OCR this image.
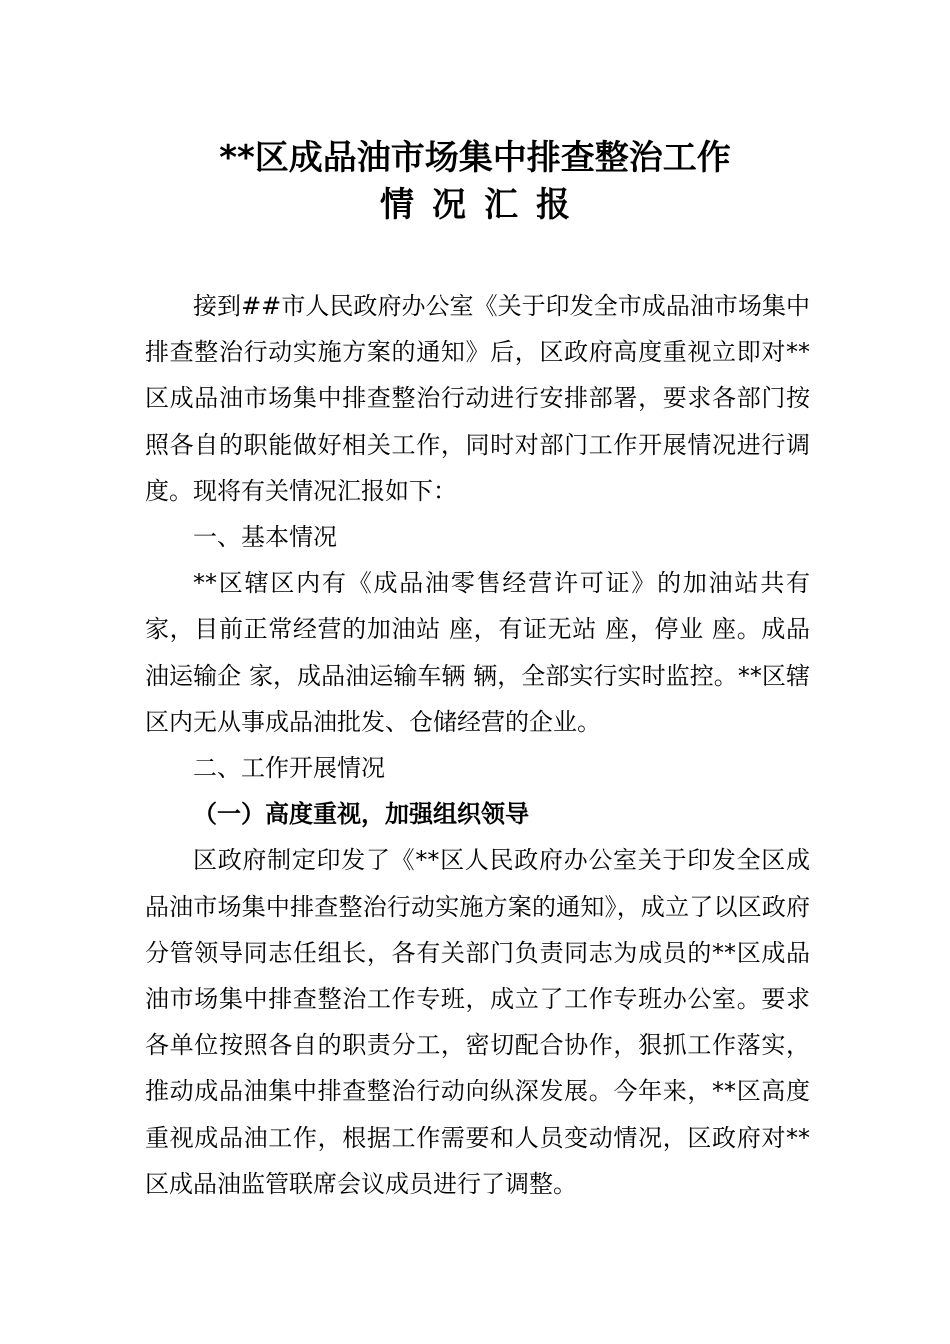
**区成品油市场集中排查整治工作
情况汇报

接到##市人民政府办公室《关于印发全市成品油市场集中排查整治行动实施方案的通知》后，区政府高度重视立即对**区成品油市场集中排查整治行动进行安排部署，要求各部门按照各自的职能做好相关工作，同时对部门工作开展情况进行调度。现将有关情况汇报如下：

一、基本情况

**区辖区内有《成品油零售经营许可证》的加油站共有 家，目前正常经营的加油站 座，有证无站 座，停业 座。成品油运输企 家，成品油运输车辆 辆，全部实行实时监控。**区辖区内无从事成品油批发、仓储经营的企业。

二、工作开展情况

（一）高度重视，加强组织领导

区政府制定印发了《**区人民政府办公室关于印发全区成品油市场集中排查整治行动实施方案的通知》，成立了以区政府分管领导同志任组长，各有关部门负责同志为成员的**区成品油市场集中排查整治工作专班，成立了工作专班办公室。要求各单位按照各自的职责分工，密切配合协作，狠抓工作落实，推动成品油集中排查整治行动向纵深发展。今年来，**区高度重视成品油工作，根据工作需要和人员变动情况，区政府对**区成品油监管联席会议成员进行了调整。
